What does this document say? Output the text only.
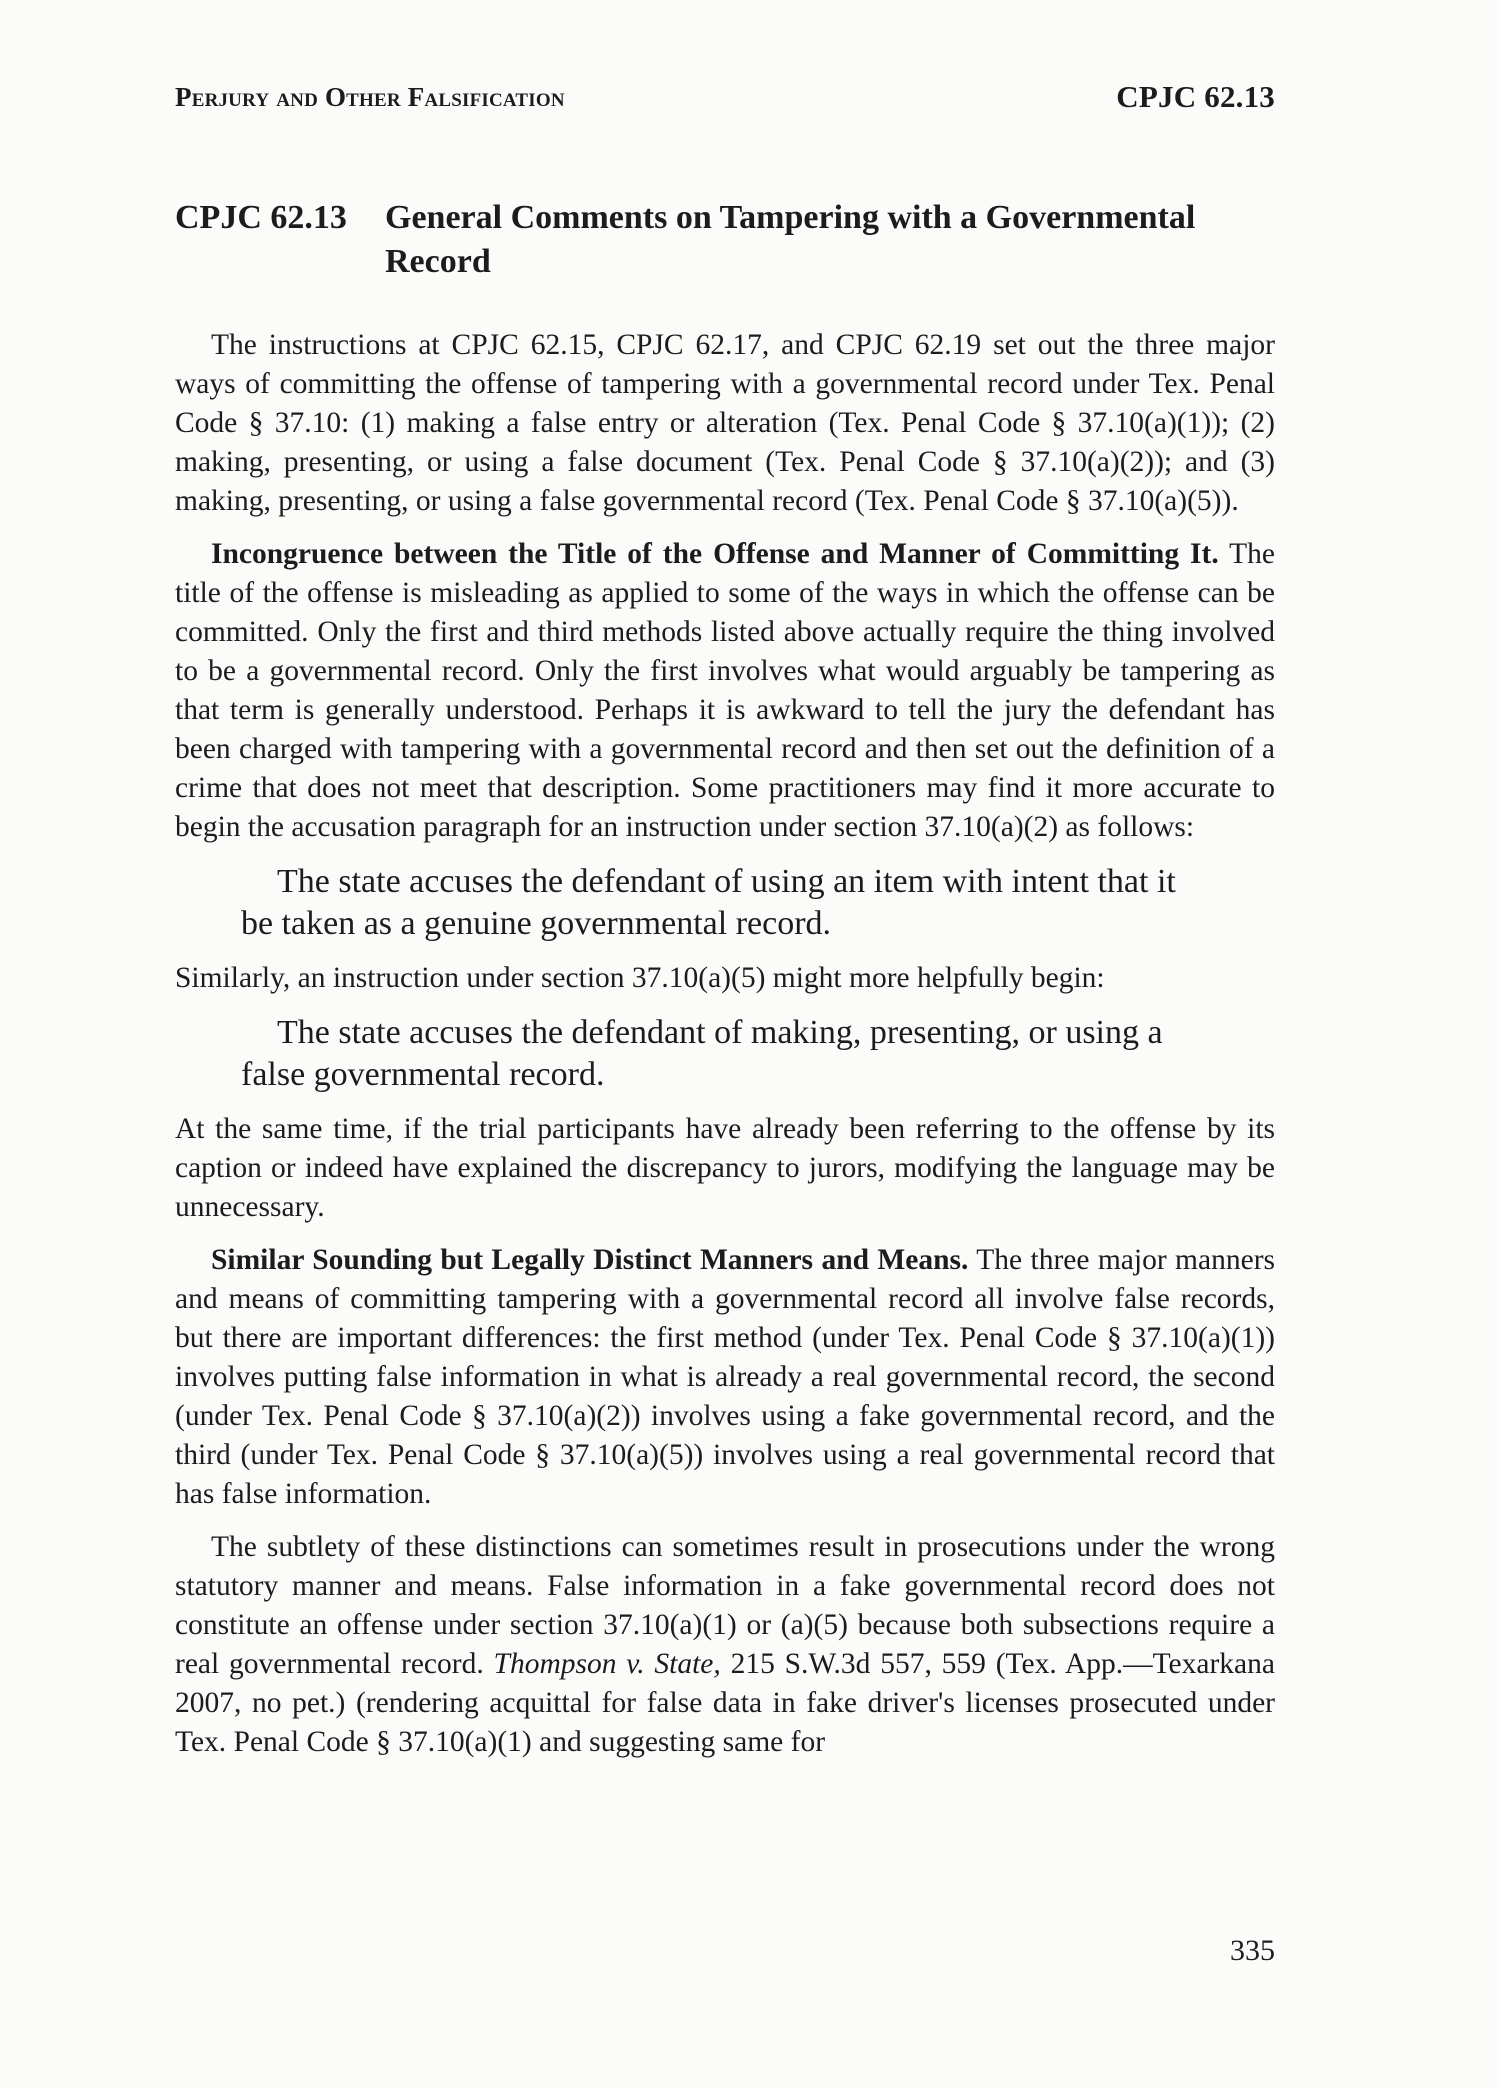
Perjury and Other Falsification	CPJC 62.13
CPJC 62.13 General Comments on Tampering with a Governmental Record

The instructions at CPJC 62.15, CPJC 62.17, and CPJC 62.19 set out the three major ways of committing the offense of tampering with a governmental record under Tex. Penal Code § 37.10: (1) making a false entry or alteration (Tex. Penal Code § 37.10(a)(1)); (2) making, presenting, or using a false document (Tex. Penal Code § 37.10(a)(2)); and (3) making, presenting, or using a false governmental record (Tex. Penal Code § 37.10(a)(5)).

Incongruence between the Title of the Offense and Manner of Committing It. The title of the offense is misleading as applied to some of the ways in which the offense can be committed. Only the first and third methods listed above actually require the thing involved to be a governmental record. Only the first involves what would arguably be tampering as that term is generally understood. Perhaps it is awkward to tell the jury the defendant has been charged with tampering with a governmental record and then set out the definition of a crime that does not meet that description. Some practitioners may find it more accurate to begin the accusation paragraph for an instruction under section 37.10(a)(2) as follows:

The state accuses the defendant of using an item with intent that it be taken as a genuine governmental record.

Similarly, an instruction under section 37.10(a)(5) might more helpfully begin:

The state accuses the defendant of making, presenting, or using a false governmental record.

At the same time, if the trial participants have already been referring to the offense by its caption or indeed have explained the discrepancy to jurors, modifying the language may be unnecessary.

Similar Sounding but Legally Distinct Manners and Means. The three major manners and means of committing tampering with a governmental record all involve false records, but there are important differences: the first method (under Tex. Penal Code § 37.10(a)(1)) involves putting false information in what is already a real governmental record, the second (under Tex. Penal Code § 37.10(a)(2)) involves using a fake governmental record, and the third (under Tex. Penal Code § 37.10(a)(5)) involves using a real governmental record that has false information.

The subtlety of these distinctions can sometimes result in prosecutions under the wrong statutory manner and means. False information in a fake governmental record does not constitute an offense under section 37.10(a)(1) or (a)(5) because both subsections require a real governmental record. Thompson v. State, 215 S.W.3d 557, 559 (Tex. App.—Texarkana 2007, no pet.) (rendering acquittal for false data in fake driver's licenses prosecuted under Tex. Penal Code § 37.10(a)(1) and suggesting same for

335
